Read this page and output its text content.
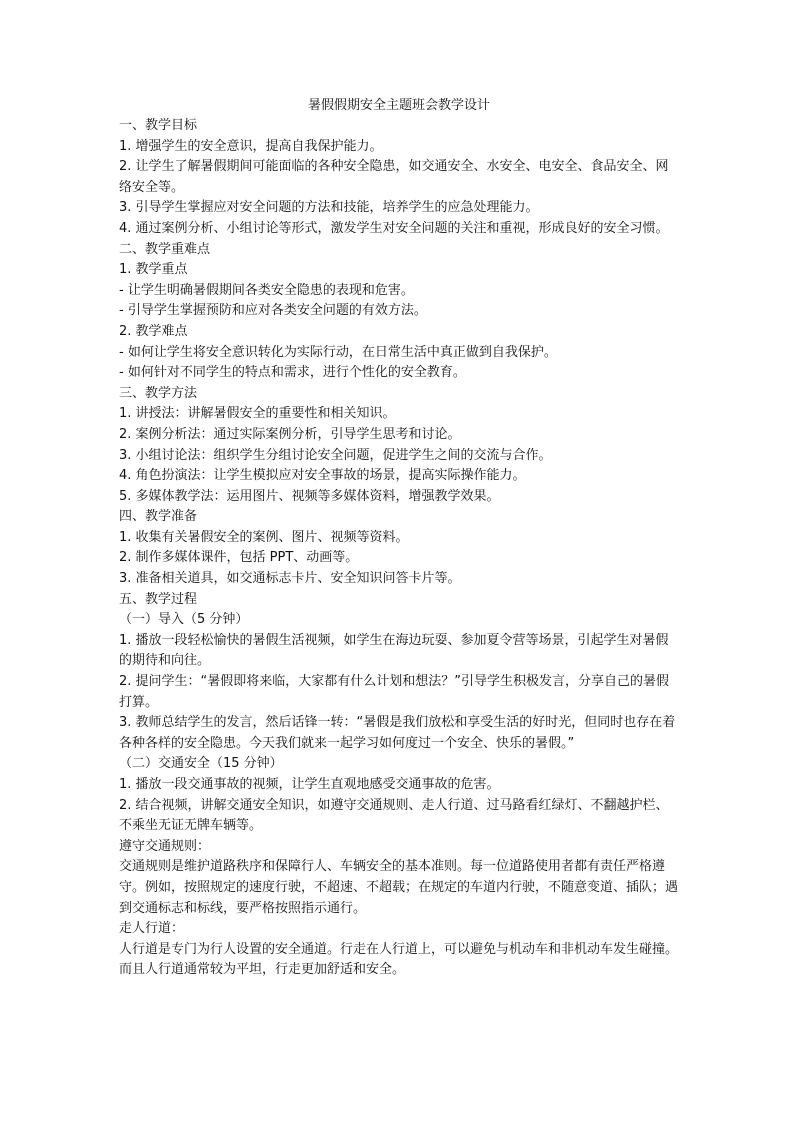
暑假假期安全主题班会教学设计

一、教学目标

1. 增强学生的安全意识，提高自我保护能力。

2. 让学生了解暑假期间可能面临的各种安全隐患，如交通安全、水安全、电安全、食品安全、网络安全等。

3. 引导学生掌握应对安全问题的方法和技能，培养学生的应急处理能力。

4. 通过案例分析、小组讨论等形式，激发学生对安全问题的关注和重视，形成良好的安全习惯。

二、教学重难点

1. 教学重点

- 让学生明确暑假期间各类安全隐患的表现和危害。

- 引导学生掌握预防和应对各类安全问题的有效方法。

2. 教学难点

- 如何让学生将安全意识转化为实际行动，在日常生活中真正做到自我保护。

- 如何针对不同学生的特点和需求，进行个性化的安全教育。

三、教学方法

1. 讲授法：讲解暑假安全的重要性和相关知识。

2. 案例分析法：通过实际案例分析，引导学生思考和讨论。

3. 小组讨论法：组织学生分组讨论安全问题，促进学生之间的交流与合作。

4. 角色扮演法：让学生模拟应对安全事故的场景，提高实际操作能力。

5. 多媒体教学法：运用图片、视频等多媒体资料，增强教学效果。

四、教学准备

1. 收集有关暑假安全的案例、图片、视频等资料。

2. 制作多媒体课件，包括 PPT、动画等。

3. 准备相关道具，如交通标志卡片、安全知识问答卡片等。

五、教学过程

（一）导入（5 分钟）

1. 播放一段轻松愉快的暑假生活视频，如学生在海边玩耍、参加夏令营等场景，引起学生对暑假的期待和向往。

2. 提问学生：“暑假即将来临，大家都有什么计划和想法？”引导学生积极发言，分享自己的暑假打算。

3. 教师总结学生的发言，然后话锋一转：“暑假是我们放松和享受生活的好时光，但同时也存在着各种各样的安全隐患。今天我们就来一起学习如何度过一个安全、快乐的暑假。”

（二）交通安全（15 分钟）

1. 播放一段交通事故的视频，让学生直观地感受交通事故的危害。

2. 结合视频，讲解交通安全知识，如遵守交通规则、走人行道、过马路看红绿灯、不翻越护栏、不乘坐无证无牌车辆等。

遵守交通规则：

交通规则是维护道路秩序和保障行人、车辆安全的基本准则。每一位道路使用者都有责任严格遵守。例如，按照规定的速度行驶，不超速、不超载；在规定的车道内行驶，不随意变道、插队；遇到交通标志和标线，要严格按照指示通行。

走人行道：

人行道是专门为行人设置的安全通道。行走在人行道上，可以避免与机动车和非机动车发生碰撞。而且人行道通常较为平坦，行走更加舒适和安全。
